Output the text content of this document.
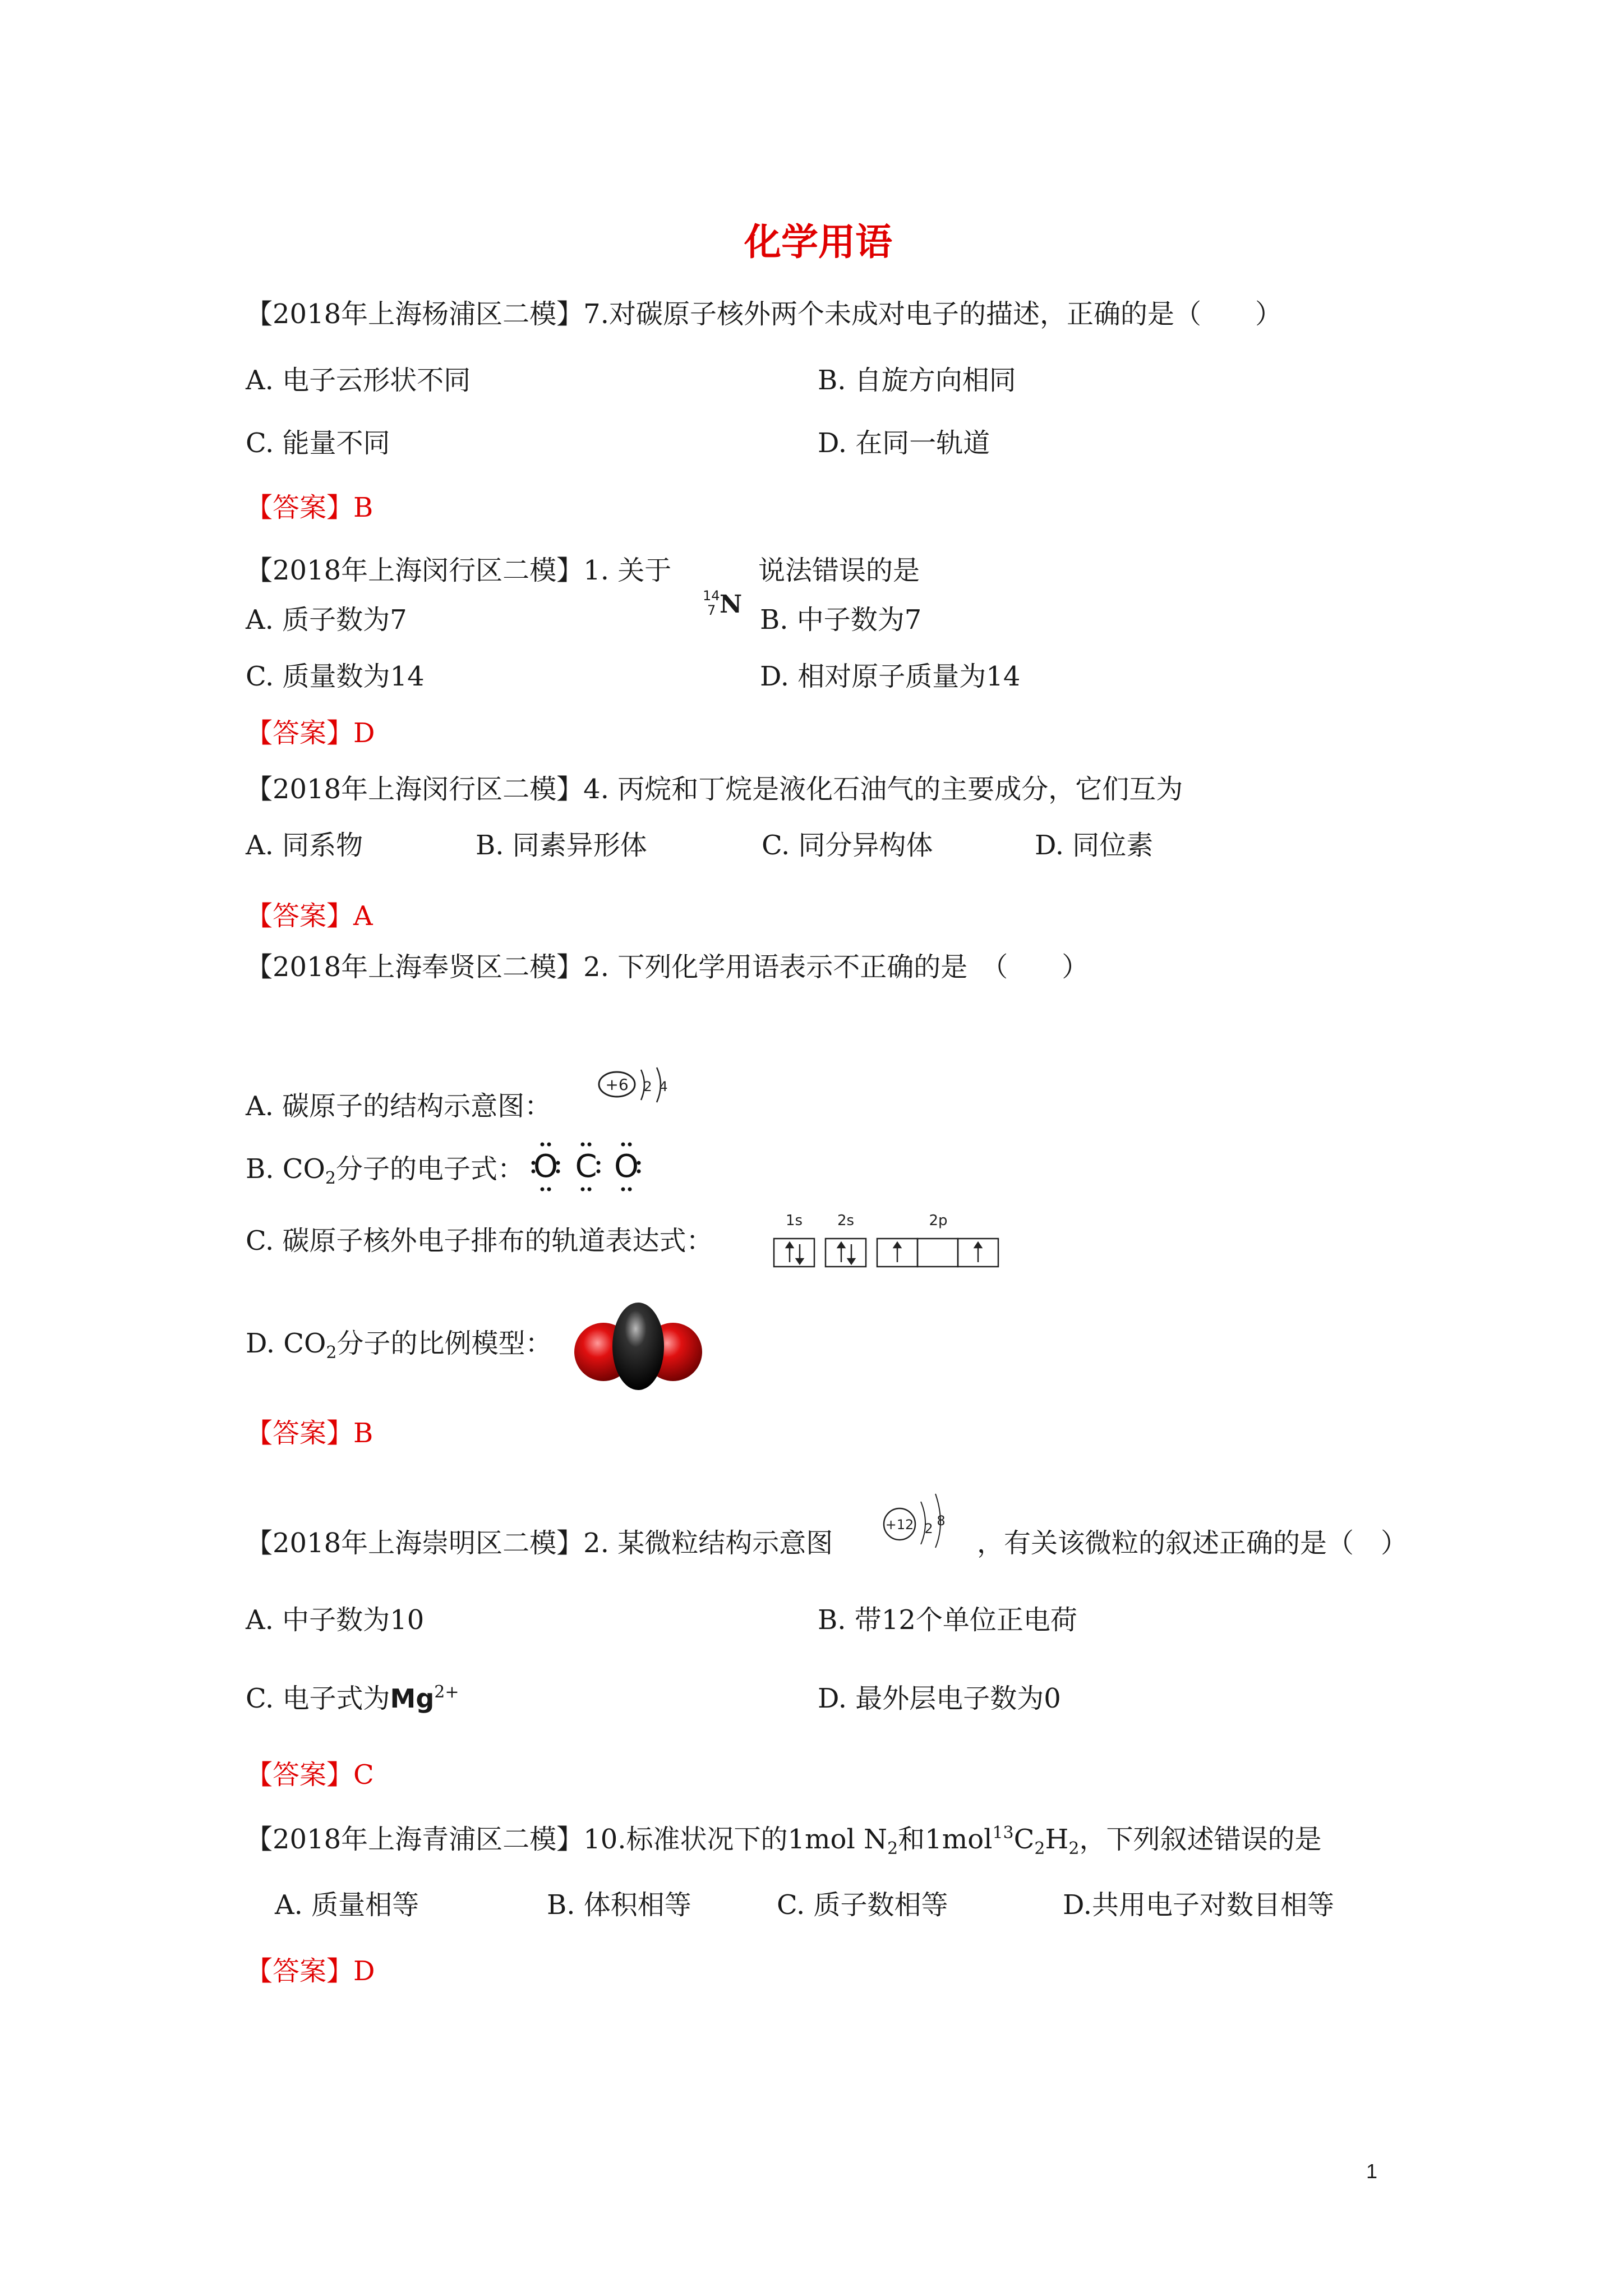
化学用语
【2018年上海杨浦区二模】7.对碳原子核外两个未成对电子的描述，正确的是（　　）
A. 电子云形状不同	B. 自旋方向相同
C. 能量不同	D. 在同一轨道
【答案】B
【2018年上海闵行区二模】1. 关于
14
7 N
说法错误的是
A. 质子数为7	B. 中子数为7
C. 质量数为14	D. 相对原子质量为14
【答案】D
【2018年上海闵行区二模】4. 丙烷和丁烷是液化石油气的主要成分，它们互为
A. 同系物	B. 同素异形体	C. 同分异构体	D. 同位素
【答案】A
【2018年上海奉贤区二模】2. 下列化学用语表示不正确的是　（　　）
A. 碳原子的结构示意图：
+6 2 4
B. $CO_2$分子的电子式： O C O
C. 碳原子核外电子排布的轨道表达式：
1s 2s	2p
D. $CO_2$分子的比例模型：
【答案】B
【2018年上海崇明区二模】2. 某微粒结构示意图
+12 2 8
，有关该微粒的叙述正确的是（　）
A. 中子数为10	B. 带12个单位正电荷
C. 电子式为$Mg^{2+}$	D. 最外层电子数为0
【答案】C
【2018年上海青浦区二模】10.标准状况下的1mol $N_2$和$1mol^{13}C_2H_2$，下列叙述错误的是
A. 质量相等	B. 体积相等	C. 质子数相等	D.共用电子对数目相等
【答案】D
1
